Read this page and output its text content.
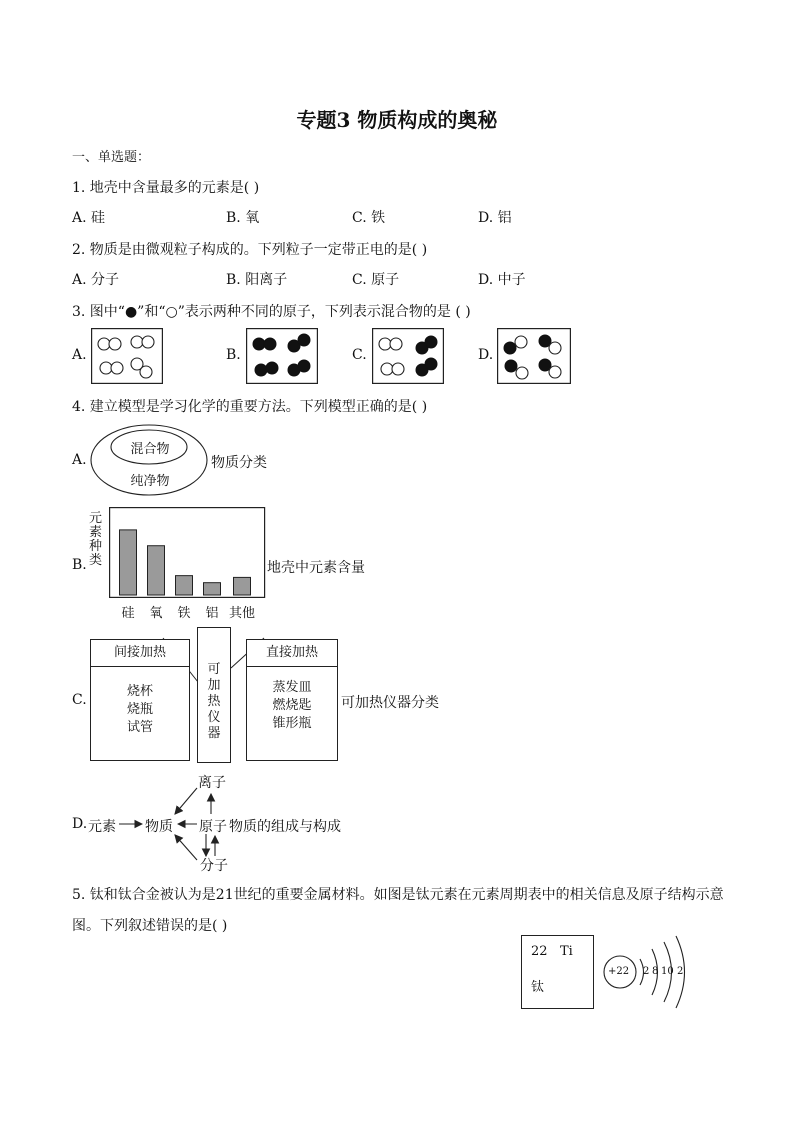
专题3 物质构成的奥秘
一、单选题：
1. 地壳中含量最多的元素是( )
A. 硅	B. 氧	C. 铁	D. 铝
2. 物质是由微观粒子构成的。下列粒子一定带正电的是( )
A. 分子	B. 阳离子	C. 原子	D. 中子
3. 图中“●”和“○”表示两种不同的原子，下列表示混合物的是 ( )
A.	B.	C.	D.
4. 建立模型是学习化学的重要方法。下列模型正确的是( )
A.
混合物
纯净物
物质分类
B.
元
素
种
类
硅 氧 铁 铝 其他
地壳中元素含量
C.
间接加热
烧杯
烧瓶
试管
可
加
热
仪
器
直接加热
蒸发皿
燃烧匙
锥形瓶
可加热仪器分类
D. 元素 物质 原子
离子
分子
物质的组成与构成
5. 钛和钛合金被认为是21世纪的重要金属材料。如图是钛元素在元素周期表中的相关信息及原子结构示意
图。下列叙述错误的是( )
22 Ti
钛
+22 2 8 10 2
